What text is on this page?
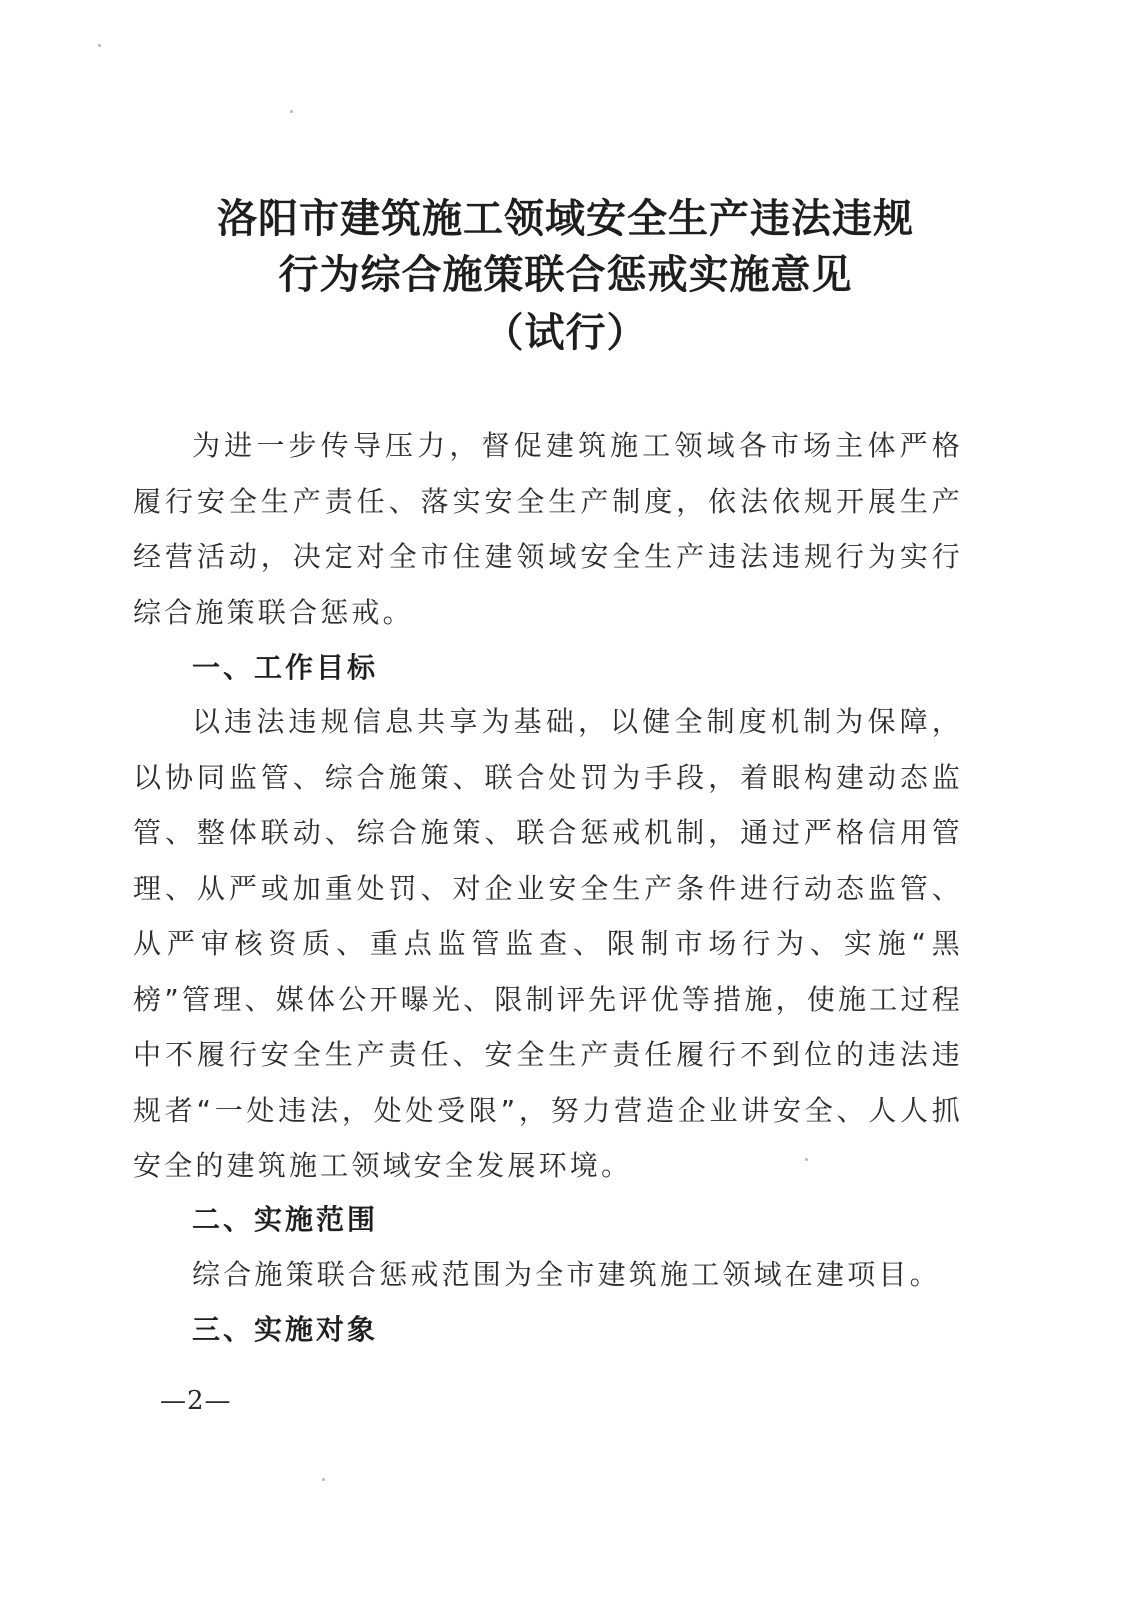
洛阳市建筑施工领域安全生产违法违规
行为综合施策联合惩戒实施意见
（试行）
为进一步传导压力，督促建筑施工领域各市场主体严格履行安全生产责任、落实安全生产制度，依法依规开展生产经营活动，决定对全市住建领域安全生产违法违规行为实行综合施策联合惩戒。
一、工作目标
以违法违规信息共享为基础，以健全制度机制为保障，以协同监管、综合施策、联合处罚为手段，着眼构建动态监管、整体联动、综合施策、联合惩戒机制，通过严格信用管理、从严或加重处罚、对企业安全生产条件进行动态监管、从严审核资质、重点监管监查、限制市场行为、实施“黑榜”管理、媒体公开曝光、限制评先评优等措施，使施工过程中不履行安全生产责任、安全生产责任履行不到位的违法违规者“一处违法，处处受限”，努力营造企业讲安全、人人抓安全的建筑施工领域安全发展环境。
二、实施范围
综合施策联合惩戒范围为全市建筑施工领域在建项目。
三、实施对象
—2—
